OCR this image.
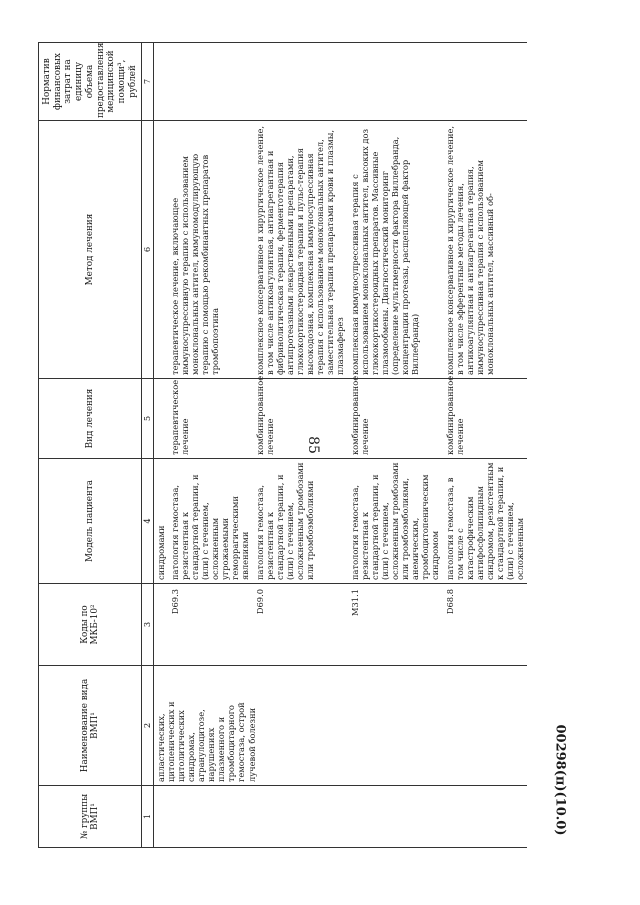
85
00298(п)(10.0)
№ группы ВМП¹	Наименование вида ВМП¹	Коды по МКБ-10²	Модель пациента	Вид лечения	Метод лечения	Норматив финансовых затрат на единицу объема предоставления медицинской помощи³, рублей
1	2	3	4	5	6	7
	апластических, цитопенических и цитолитических синдромах, агранулоцитозе, нарушениях плазменного и тромбоцитарного гемостаза, острой лучевой болезни		синдромами			
		D69.3	патология гемостаза, резистентная к стандартной терапии, и (или) с течением, осложненным угрожаемыми геморрагическими явлениями	терапевтическое лечение	терапевтическое лечение, включающее иммуносупрессивную терапию с использованием моноклональных антител, иммуномодулирующую терапию с помощью рекомбинантных препаратов тромбопоэтина	
		D69.0	патология гемостаза, резистентная к стандартной терапии, и (или) с течением, осложненным тромбозами или тромбоэмболиями	комбинированное лечение	комплексное консервативное и хирургическое лечение, в том числе антикоагулянтная, антиагрегантная и фибринолитическая терапия, ферментотерапия антипротеазными лекарственными препаратами, глюкокортикостероидная терапия и пульс-терапия высокодозная, комплексная иммуносупрессивная терапия с использованием моноклональных антител, заместительная терапия препаратами крови и плазмы, плазмаферез	
		M31.1	патология гемостаза, резистентная к стандартной терапии, и (или) с течением, осложненным тромбозами или тромбоэмболиями, анемическим, тромбоцитопеническим синдромом	комбинированное лечение	комплексная иммуносупрессивная терапия с использованием моноклональных антител, высоких доз глюкокортикостероидных препаратов. Массивные плазмообмены. Диагностический мониторинг (определение мультимерности фактора Виллебранда, концентрации протеазы, расщепляющей фактор Виллебранда)	
		D68.8	патология гемостаза, в том числе с катастрофическим антифосфолипидным синдромом, резистентным к стандартной терапии, и (или) с течением, осложненным	комбинированное лечение	комплексное консервативное и хирургическое лечение, в том числе эфферентные методы лечения, антикоагулянтная и антиагрегантная терапия, иммуносупрессивная терапия с использованием моноклональных антител, массивный об-	
